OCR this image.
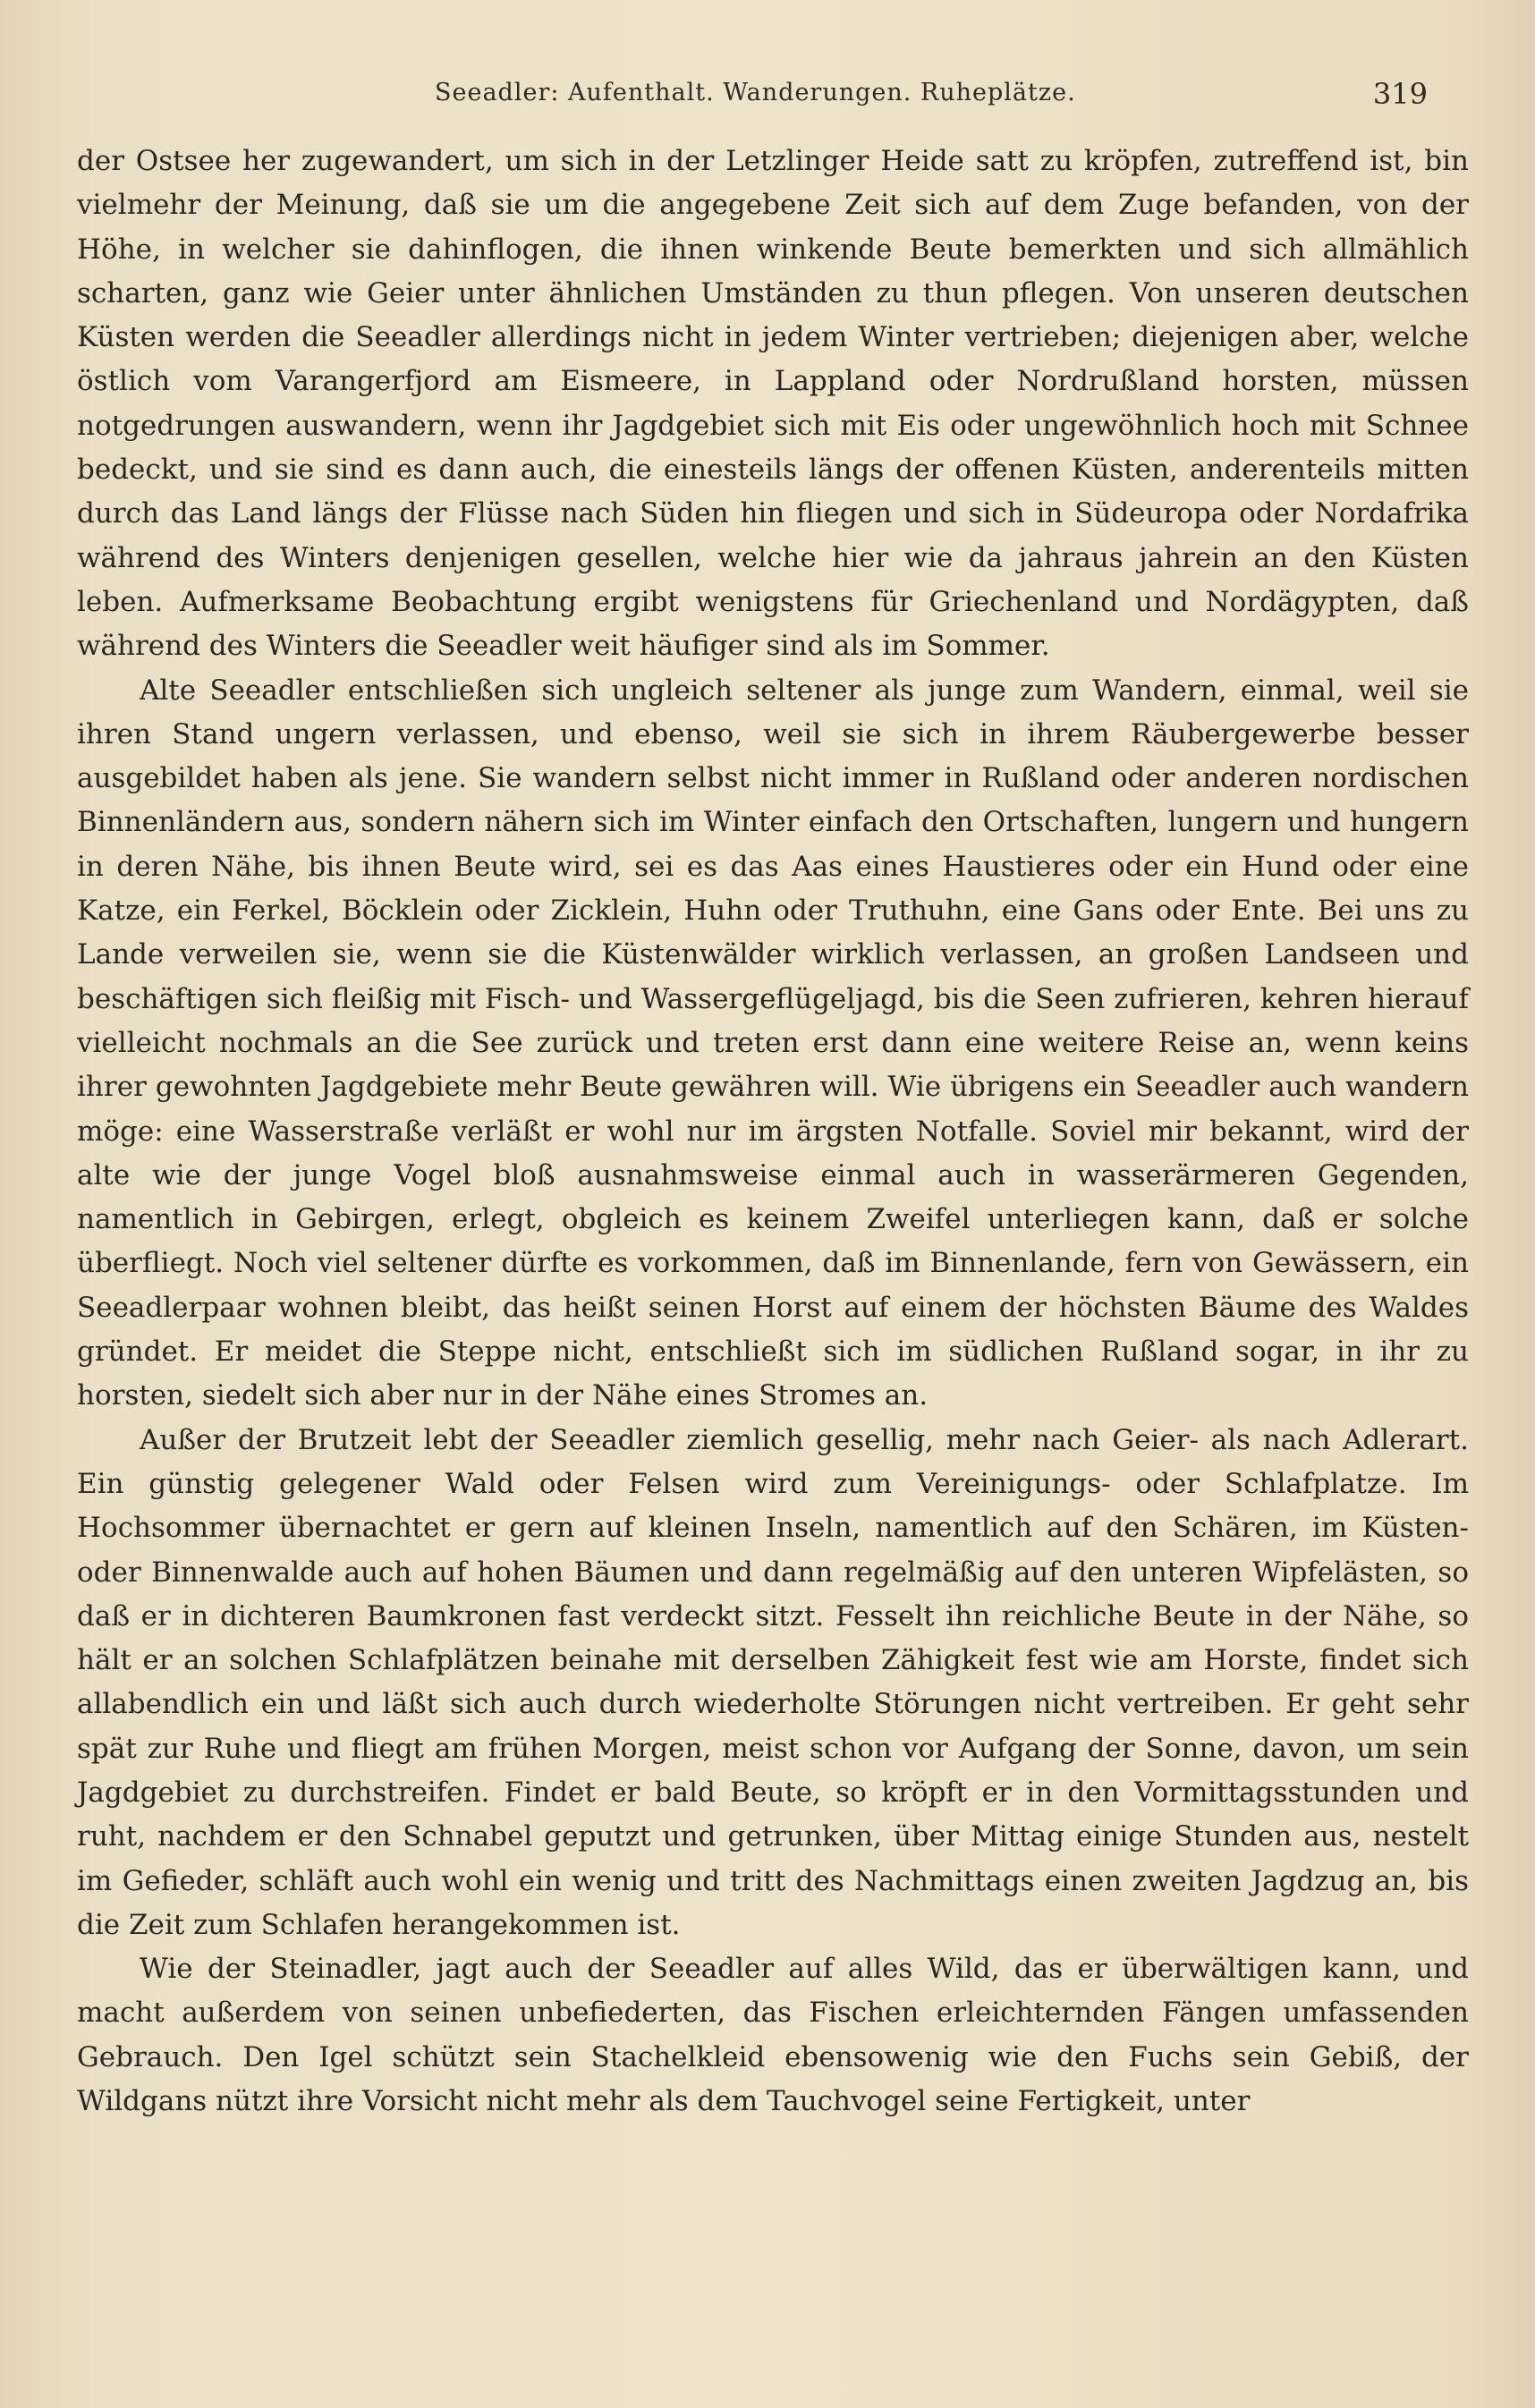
Seeadler: Aufenthalt. Wanderungen. Ruheplätze.	319

der Ostsee her zugewandert, um sich in der Letzlinger Heide satt zu kröpfen, zutreffend ist, bin vielmehr der Meinung, daß sie um die angegebene Zeit sich auf dem Zuge befanden, von der Höhe, in welcher sie dahinflogen, die ihnen winkende Beute bemerkten und sich allmählich scharten, ganz wie Geier unter ähnlichen Umständen zu thun pflegen. Von unseren deutschen Küsten werden die Seeadler allerdings nicht in jedem Winter vertrieben; diejenigen aber, welche östlich vom Varangerfjord am Eismeere, in Lappland oder Nordrußland horsten, müssen notgedrungen auswandern, wenn ihr Jagdgebiet sich mit Eis oder ungewöhnlich hoch mit Schnee bedeckt, und sie sind es dann auch, die einesteils längs der offenen Küsten, anderenteils mitten durch das Land längs der Flüsse nach Süden hin fliegen und sich in Südeuropa oder Nordafrika während des Winters denjenigen gesellen, welche hier wie da jahraus jahrein an den Küsten leben. Aufmerksame Beobachtung ergibt wenigstens für Griechenland und Nordägypten, daß während des Winters die Seeadler weit häufiger sind als im Sommer.

Alte Seeadler entschließen sich ungleich seltener als junge zum Wandern, einmal, weil sie ihren Stand ungern verlassen, und ebenso, weil sie sich in ihrem Räubergewerbe besser ausgebildet haben als jene. Sie wandern selbst nicht immer in Rußland oder anderen nordischen Binnenländern aus, sondern nähern sich im Winter einfach den Ortschaften, lungern und hungern in deren Nähe, bis ihnen Beute wird, sei es das Aas eines Haustieres oder ein Hund oder eine Katze, ein Ferkel, Böcklein oder Zicklein, Huhn oder Truthuhn, eine Gans oder Ente. Bei uns zu Lande verweilen sie, wenn sie die Küstenwälder wirklich verlassen, an großen Landseen und beschäftigen sich fleißig mit Fisch- und Wassergeflügeljagd, bis die Seen zufrieren, kehren hierauf vielleicht nochmals an die See zurück und treten erst dann eine weitere Reise an, wenn keins ihrer gewohnten Jagdgebiete mehr Beute gewähren will. Wie übrigens ein Seeadler auch wandern möge: eine Wasserstraße verläßt er wohl nur im ärgsten Notfalle. Soviel mir bekannt, wird der alte wie der junge Vogel bloß ausnahmsweise einmal auch in wasserärmeren Gegenden, namentlich in Gebirgen, erlegt, obgleich es keinem Zweifel unterliegen kann, daß er solche überfliegt. Noch viel seltener dürfte es vorkommen, daß im Binnenlande, fern von Gewässern, ein Seeadlerpaar wohnen bleibt, das heißt seinen Horst auf einem der höchsten Bäume des Waldes gründet. Er meidet die Steppe nicht, entschließt sich im südlichen Rußland sogar, in ihr zu horsten, siedelt sich aber nur in der Nähe eines Stromes an.

Außer der Brutzeit lebt der Seeadler ziemlich gesellig, mehr nach Geier- als nach Adlerart. Ein günstig gelegener Wald oder Felsen wird zum Vereinigungs- oder Schlafplatze. Im Hochsommer übernachtet er gern auf kleinen Inseln, namentlich auf den Schären, im Küsten- oder Binnenwalde auch auf hohen Bäumen und dann regelmäßig auf den unteren Wipfelästen, so daß er in dichteren Baumkronen fast verdeckt sitzt. Fesselt ihn reichliche Beute in der Nähe, so hält er an solchen Schlafplätzen beinahe mit derselben Zähigkeit fest wie am Horste, findet sich allabendlich ein und läßt sich auch durch wiederholte Störungen nicht vertreiben. Er geht sehr spät zur Ruhe und fliegt am frühen Morgen, meist schon vor Aufgang der Sonne, davon, um sein Jagdgebiet zu durchstreifen. Findet er bald Beute, so kröpft er in den Vormittagsstunden und ruht, nachdem er den Schnabel geputzt und getrunken, über Mittag einige Stunden aus, nestelt im Gefieder, schläft auch wohl ein wenig und tritt des Nachmittags einen zweiten Jagdzug an, bis die Zeit zum Schlafen herangekommen ist.

Wie der Steinadler, jagt auch der Seeadler auf alles Wild, das er überwältigen kann, und macht außerdem von seinen unbefiederten, das Fischen erleichternden Fängen umfassenden Gebrauch. Den Igel schützt sein Stachelkleid ebensowenig wie den Fuchs sein Gebiß, der Wildgans nützt ihre Vorsicht nicht mehr als dem Tauchvogel seine Fertigkeit, unter
